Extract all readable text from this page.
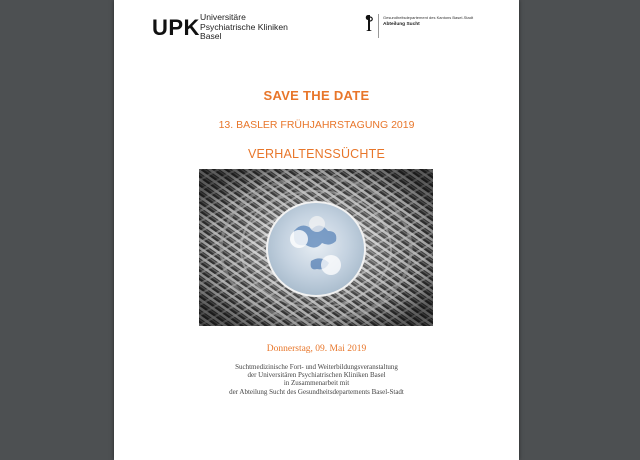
UPK Universitäre
Psychiatrische Kliniken
Basel
Gesundheitsdepartement des Kantons Basel-Stadt
Abteilung Sucht
SAVE THE DATE
13. BASLER FRÜHJAHRSTAGUNG 2019
VERHALTENSSÜCHTE
Donnerstag, 09. Mai 2019
Suchtmedizinische Fort- und Weiterbildungsveranstaltung
der Universitären Psychiatrischen Kliniken Basel
in Zusammenarbeit mit
der Abteilung Sucht des Gesundheitsdepartements Basel-Stadt
